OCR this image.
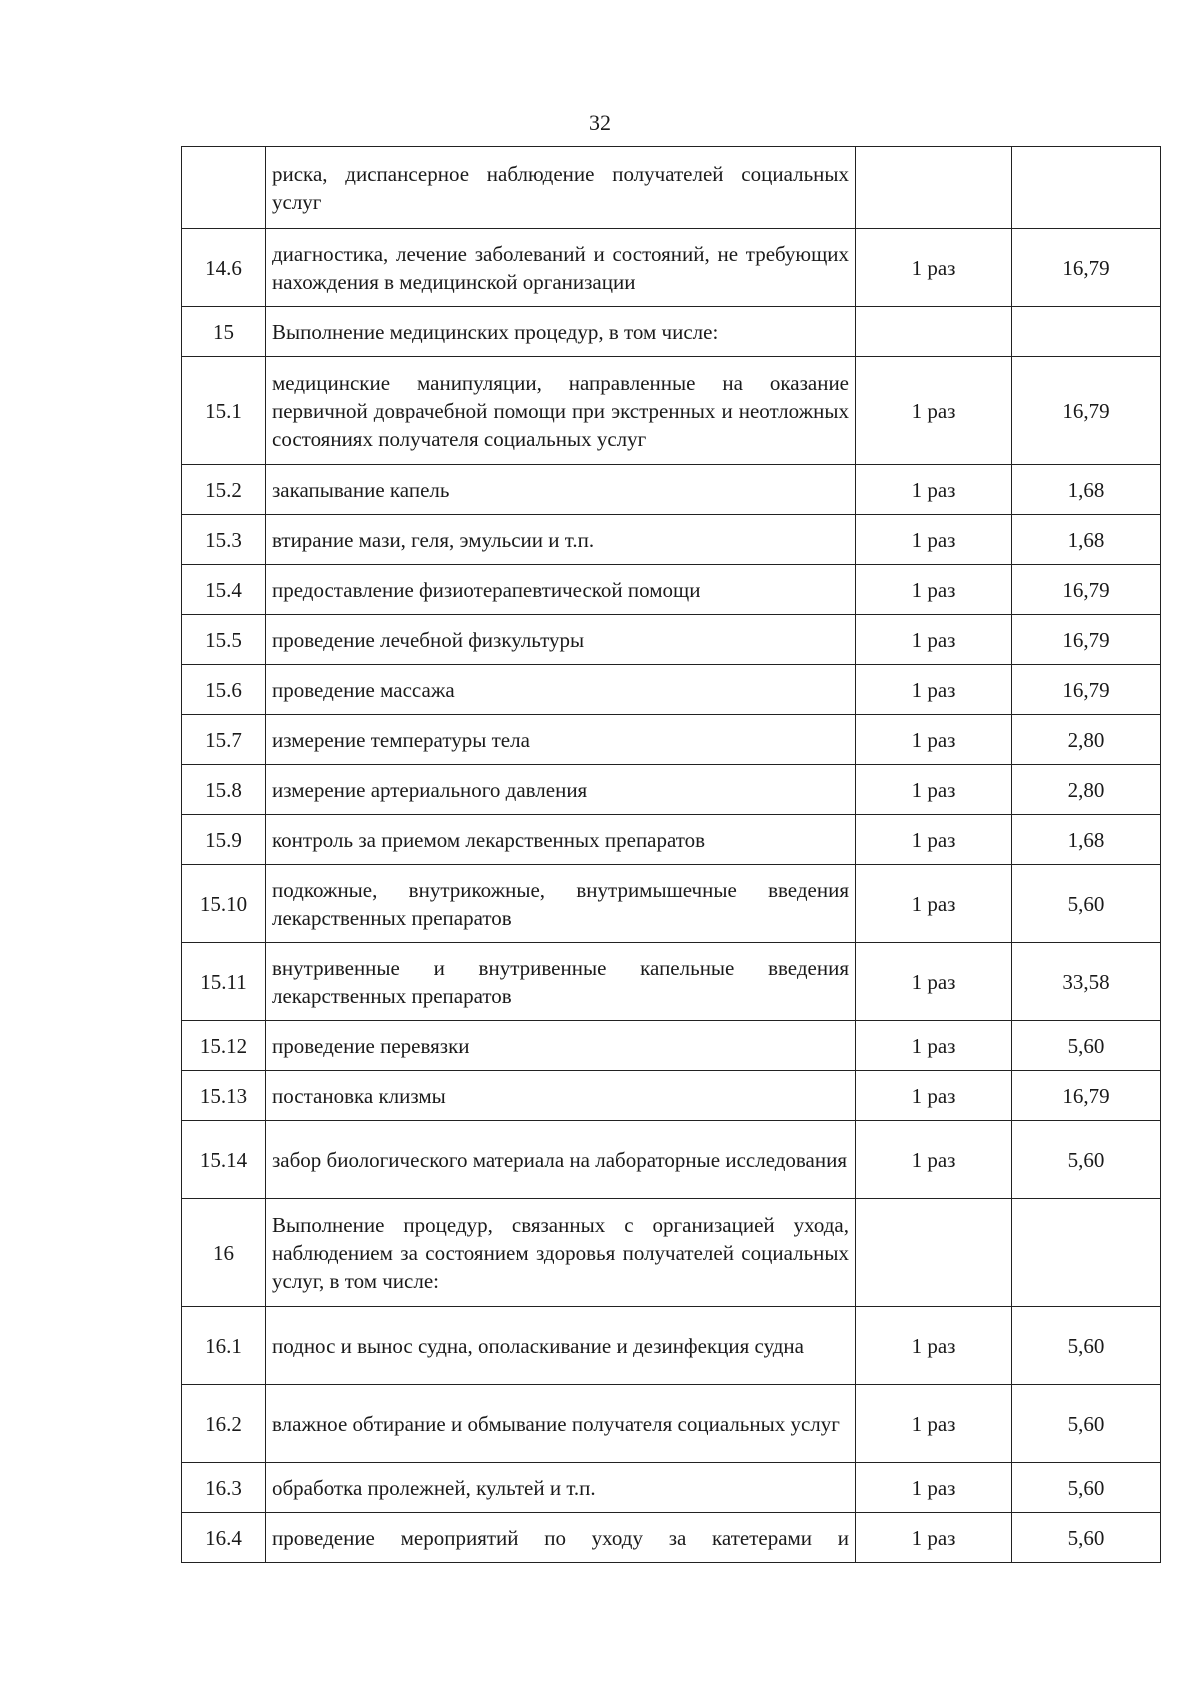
32
	риска, диспансерное наблюдение получателей социальных услуг		
14.6	диагностика, лечение заболеваний и состояний, не требующих нахождения в медицинской организации	1 раз	16,79
15	Выполнение медицинских процедур, в том числе:		
15.1	медицинские манипуляции, направленные на оказание первичной доврачебной помощи при экстренных и неотложных состояниях получателя социальных услуг	1 раз	16,79
15.2	закапывание капель	1 раз	1,68
15.3	втирание мази, геля, эмульсии и т.п.	1 раз	1,68
15.4	предоставление физиотерапевтической помощи	1 раз	16,79
15.5	проведение лечебной физкультуры	1 раз	16,79
15.6	проведение массажа	1 раз	16,79
15.7	измерение температуры тела	1 раз	2,80
15.8	измерение артериального давления	1 раз	2,80
15.9	контроль за приемом лекарственных препаратов	1 раз	1,68
15.10	подкожные, внутрикожные, внутримышечные введения лекарственных препаратов	1 раз	5,60
15.11	внутривенные и внутривенные капельные введения лекарственных препаратов	1 раз	33,58
15.12	проведение перевязки	1 раз	5,60
15.13	постановка клизмы	1 раз	16,79
15.14	забор биологического материала на лабораторные исследования	1 раз	5,60
16	Выполнение процедур, связанных с организацией ухода, наблюдением за состоянием здоровья получателей социальных услуг, в том числе:		
16.1	поднос и вынос судна, ополаскивание и дезинфекция судна	1 раз	5,60
16.2	влажное обтирание и обмывание получателя социальных услуг	1 раз	5,60
16.3	обработка пролежней, культей и т.п.	1 раз	5,60
16.4	проведение мероприятий по уходу за катетерами и	1 раз	5,60
